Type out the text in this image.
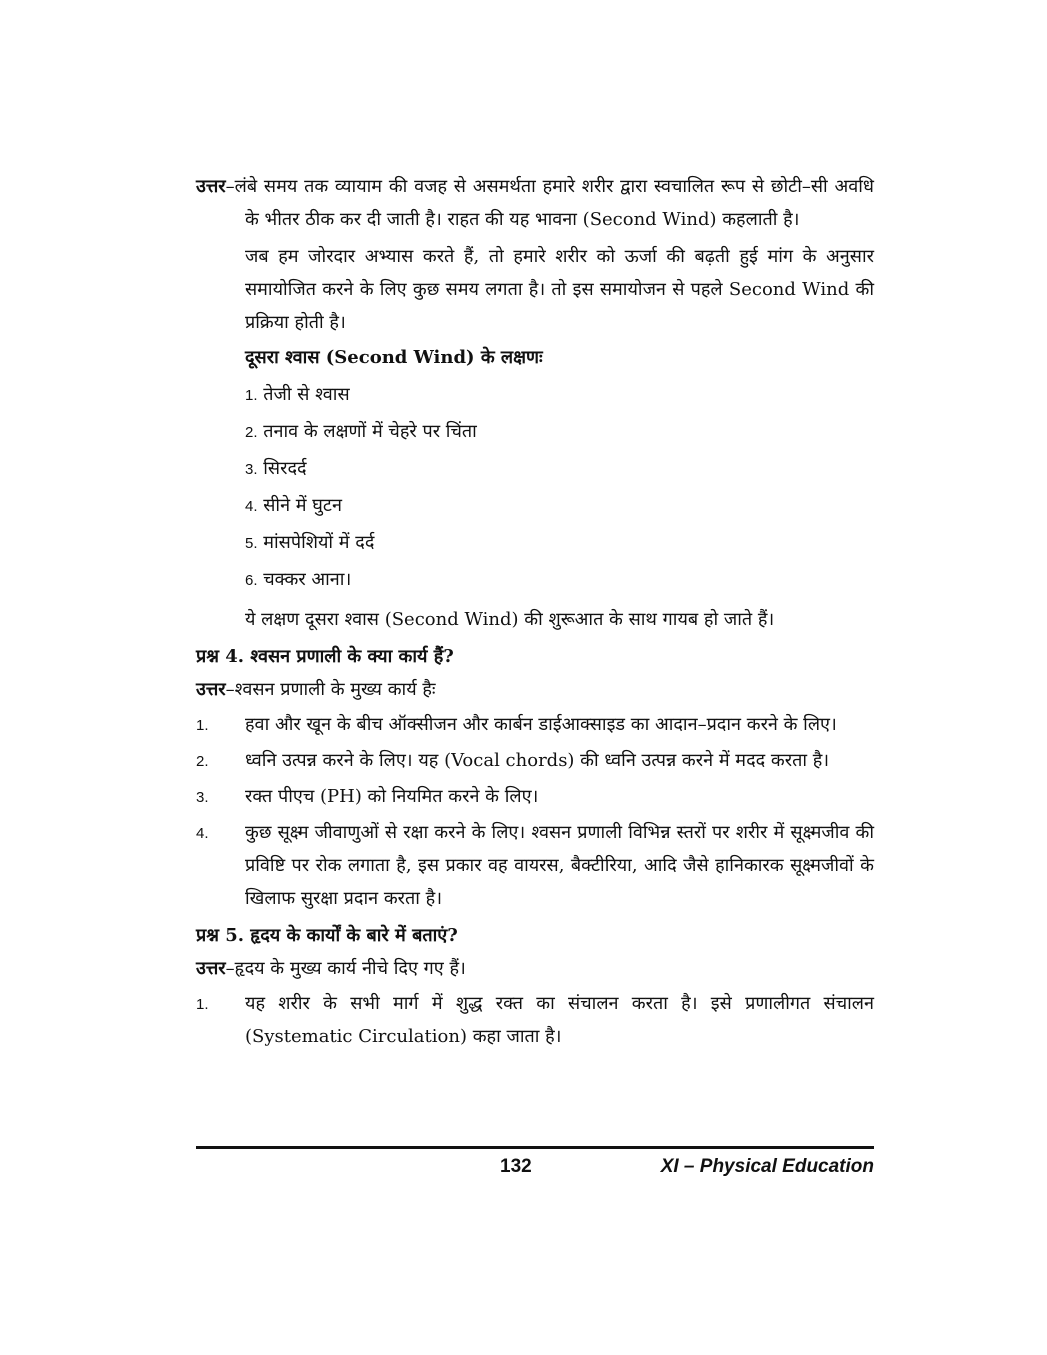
उत्तर–लंबे समय तक व्यायाम की वजह से असमर्थता हमारे शरीर द्वारा स्वचालित रूप से छोटी–सी अवधि के भीतर ठीक कर दी जाती है। राहत की यह भावना (Second Wind) कहलाती है।

जब हम जोरदार अभ्यास करते हैं, तो हमारे शरीर को ऊर्जा की बढ़ती हुई मांग के अनुसार समायोजित करने के लिए कुछ समय लगता है। तो इस समायोजन से पहले Second Wind की प्रक्रिया होती है।

दूसरा श्वास (Second Wind) के लक्षणः
1. तेजी से श्वास
2. तनाव के लक्षणों में चेहरे पर चिंता
3. सिरदर्द
4. सीने में घुटन
5. मांसपेशियों में दर्द
6. चक्कर आना।

ये लक्षण दूसरा श्वास (Second Wind) की शुरूआत के साथ गायब हो जाते हैं।

प्रश्न 4. श्वसन प्रणाली के क्या कार्य हैं?
उत्तर–श्वसन प्रणाली के मुख्य कार्य हैः
1. हवा और खून के बीच ऑक्सीजन और कार्बन डाईआक्साइड का आदान–प्रदान करने के लिए।
2. ध्वनि उत्पन्न करने के लिए। यह (Vocal chords) की ध्वनि उत्पन्न करने में मदद करता है।
3. रक्त पीएच (PH) को नियमित करने के लिए।
4. कुछ सूक्ष्म जीवाणुओं से रक्षा करने के लिए। श्वसन प्रणाली विभिन्न स्तरों पर शरीर में सूक्ष्मजीव की प्रविष्टि पर रोक लगाता है, इस प्रकार वह वायरस, बैक्टीरिया, आदि जैसे हानिकारक सूक्ष्मजीवों के खिलाफ सुरक्षा प्रदान करता है।
प्रश्न 5. हृदय के कार्यों के बारे में बताएं?
उत्तर–हृदय के मुख्य कार्य नीचे दिए गए हैं।
1. यह शरीर के सभी मार्ग में शुद्ध रक्त का संचालन करता है। इसे प्रणालीगत संचालन (Systematic Circulation) कहा जाता है।
132	XI – Physical Education
